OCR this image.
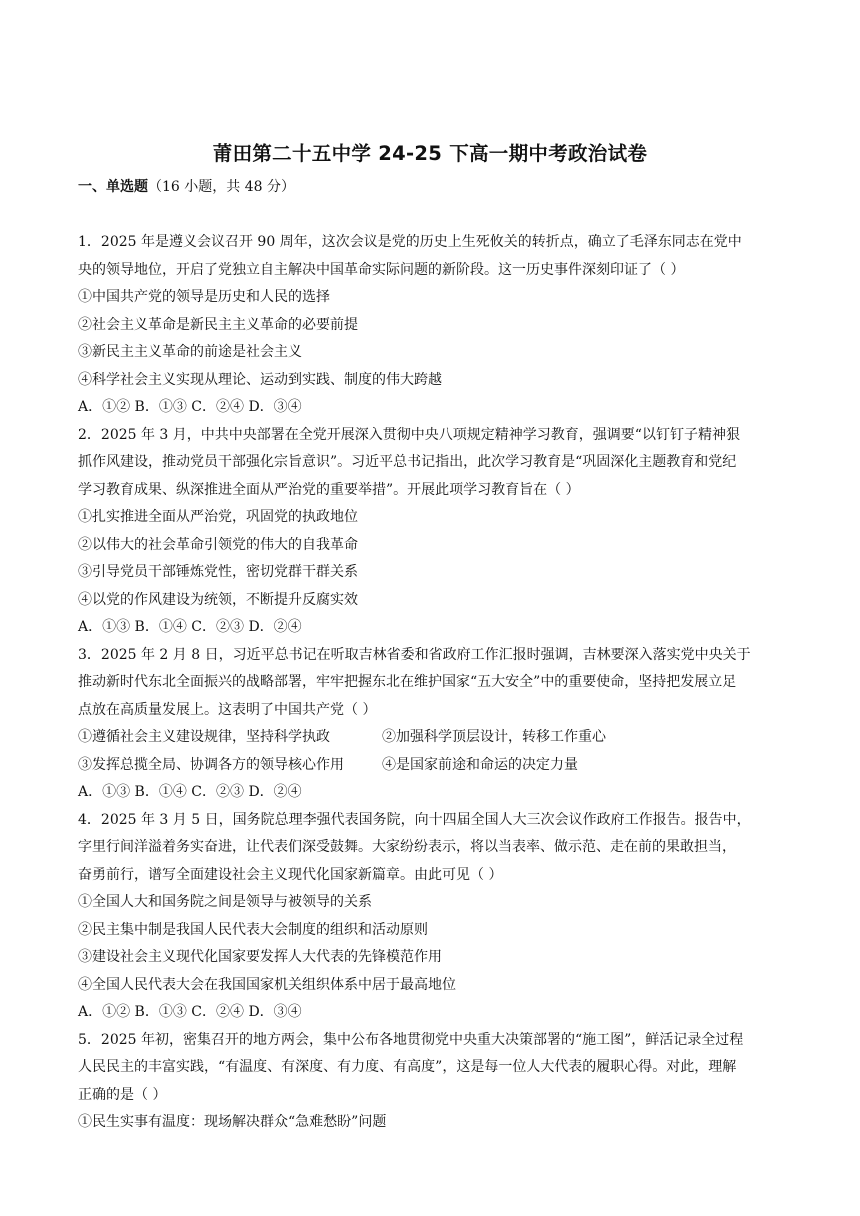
莆田第二十五中学 24-25 下高一期中考政治试卷
一、单选题（16 小题，共 48 分）
1．2025 年是遵义会议召开 90 周年，这次会议是党的历史上生死攸关的转折点，确立了毛泽东同志在党中
央的领导地位，开启了党独立自主解决中国革命实际问题的新阶段。这一历史事件深刻印证了（ ）
①中国共产党的领导是历史和人民的选择
②社会主义革命是新民主主义革命的必要前提
③新民主主义革命的前途是社会主义
④科学社会主义实现从理论、运动到实践、制度的伟大跨越
A．①② B．①③ C．②④ D．③④
2．2025 年 3 月，中共中央部署在全党开展深入贯彻中央八项规定精神学习教育，强调要“以钉钉子精神狠
抓作风建设，推动党员干部强化宗旨意识”。习近平总书记指出，此次学习教育是“巩固深化主题教育和党纪
学习教育成果、纵深推进全面从严治党的重要举措”。开展此项学习教育旨在（ ）
①扎实推进全面从严治党，巩固党的执政地位
②以伟大的社会革命引领党的伟大的自我革命
③引导党员干部锤炼党性，密切党群干群关系
④以党的作风建设为统领，不断提升反腐实效
A．①③ B．①④ C．②③ D．②④
3．2025 年 2 月 8 日，习近平总书记在听取吉林省委和省政府工作汇报时强调，吉林要深入落实党中央关于
推动新时代东北全面振兴的战略部署，牢牢把握东北在维护国家“五大安全”中的重要使命，坚持把发展立足
点放在高质量发展上。这表明了中国共产党（ ）
①遵循社会主义建设规律，坚持科学执政	②加强科学顶层设计，转移工作重心
③发挥总揽全局、协调各方的领导核心作用	④是国家前途和命运的决定力量
A．①③ B．①④ C．②③ D．②④
4．2025 年 3 月 5 日，国务院总理李强代表国务院，向十四届全国人大三次会议作政府工作报告。报告中，
字里行间洋溢着务实奋进，让代表们深受鼓舞。大家纷纷表示，将以当表率、做示范、走在前的果敢担当，
奋勇前行，谱写全面建设社会主义现代化国家新篇章。由此可见（ ）
①全国人大和国务院之间是领导与被领导的关系
②民主集中制是我国人民代表大会制度的组织和活动原则
③建设社会主义现代化国家要发挥人大代表的先锋模范作用
④全国人民代表大会在我国国家机关组织体系中居于最高地位
A．①② B．①③ C．②④ D．③④
5．2025 年初，密集召开的地方两会，集中公布各地贯彻党中央重大决策部署的“施工图”，鲜活记录全过程
人民民主的丰富实践，“有温度、有深度、有力度、有高度”，这是每一位人大代表的履职心得。对此，理解
正确的是（ ）
①民生实事有温度：现场解决群众“急难愁盼”问题
